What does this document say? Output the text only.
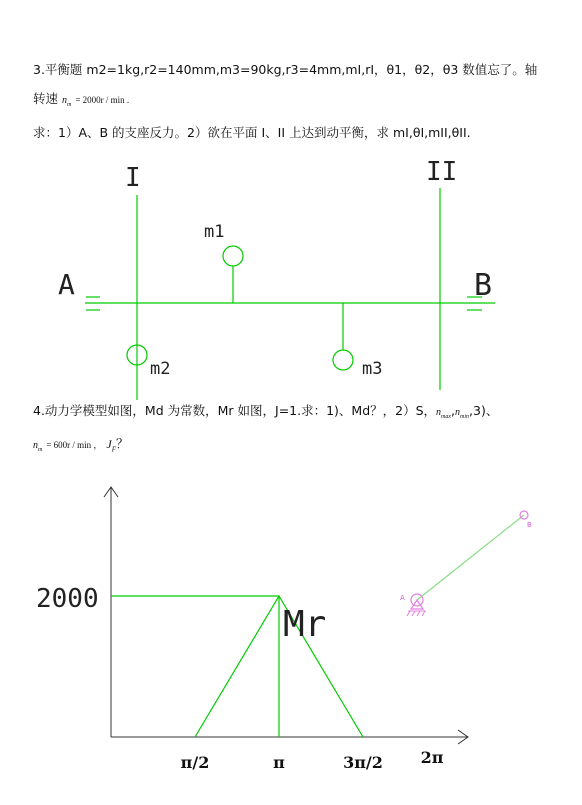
3.平衡题 m2=1kg,r2=140mm,m3=90kg,r3=4mm,mI,rI，θ1，θ2，θ3 数值忘了。轴
转速 $n_m = 2000r / \min$ .
求：1）A、B 的支座反力。2）欲在平面 I、II 上达到动平衡，求 mI,θI,mII,θII.
I	II
A	B
m1
m2	m3
4.动力学模型如图，Md 为常数，Mr 如图，J=1.求：1)、Md？，2）S，$n_{max},n_{min},3$)、
$n_m = 600r / \min$ ， $J_F$？
2000
Mr
π/2	π	3π/2 2π
A
B
